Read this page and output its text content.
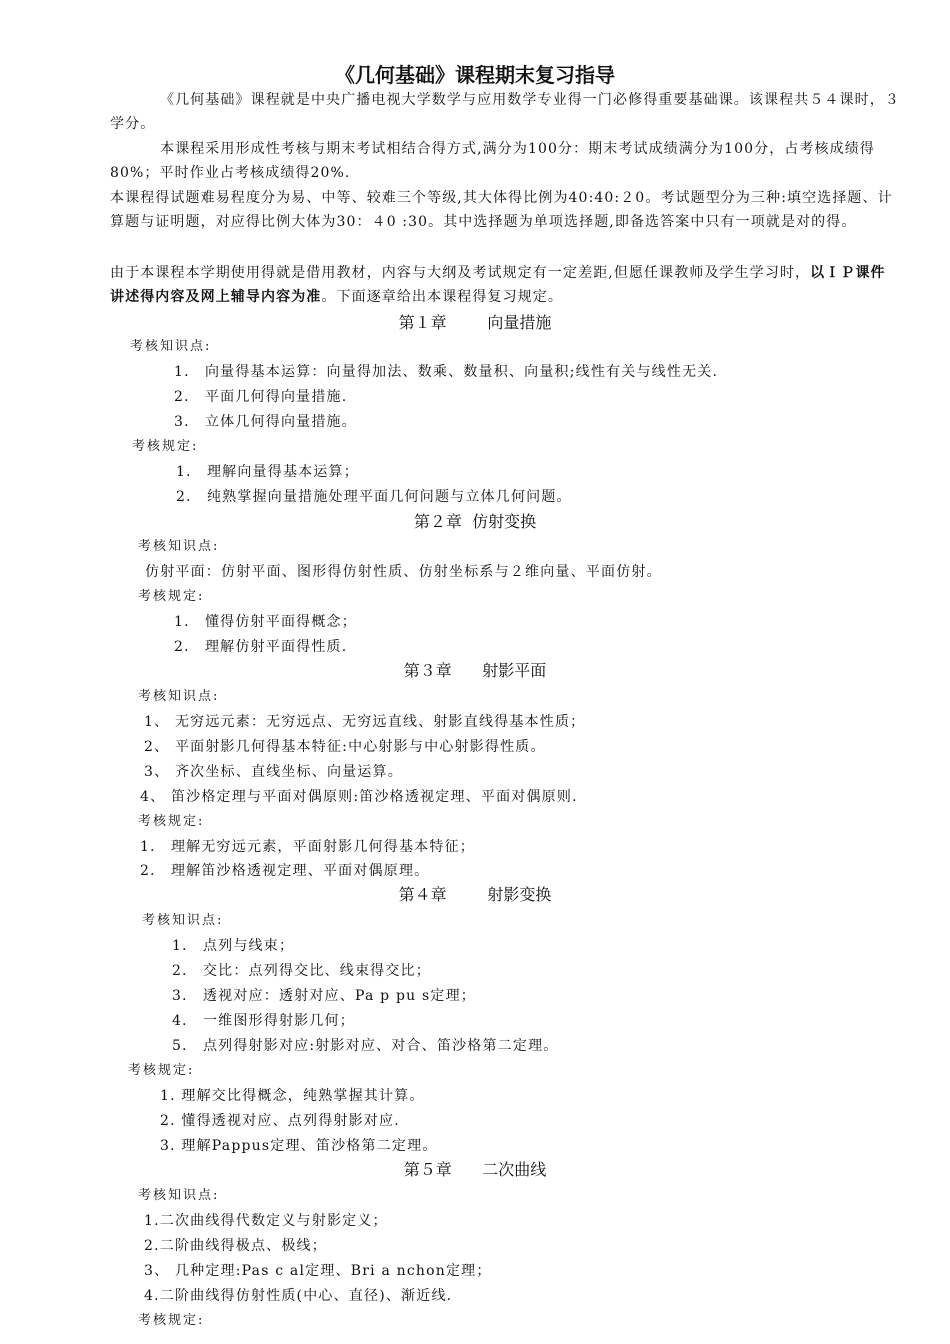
《几何基础》课程期末复习指导
《几何基础》课程就是中央广播电视大学数学与应用数学专业得一门必修得重要基础课。该课程共５４课时，３学分。
本课程采用形成性考核与期末考试相结合得方式,满分为100分：期末考试成绩满分为100分，占考核成绩得80%；平时作业占考核成绩得20%.
本课程得试题难易程度分为易、中等、较难三个等级,其大体得比例为40:40:２0。考试题型分为三种:填空选择题、计算题与证明题，对应得比例大体为30：４0 :30。其中选择题为单项选择题,即备选答案中只有一项就是对的得。
由于本课程本学期使用得就是借用教材，内容与大纲及考试规定有一定差距,但愿任课教师及学生学习时，以ＩＰ课件讲述得内容及网上辅导内容为准。下面逐章给出本课程得复习规定。
第１章        向量措施
考核知识点:
1． 向量得基本运算：向量得加法、数乘、数量积、向量积;线性有关与线性无关.
2． 平面几何得向量措施.
3． 立体几何得向量措施。
考核规定:
1． 理解向量得基本运算；
2． 纯熟掌握向量措施处理平面几何问题与立体几何问题。
第２章  仿射变换
考核知识点:
仿射平面：仿射平面、图形得仿射性质、仿射坐标系与２维向量、平面仿射。
考核规定:
1． 懂得仿射平面得概念；
2． 理解仿射平面得性质.
第３章      射影平面
考核知识点:
1、 无穷远元素：无穷远点、无穷远直线、射影直线得基本性质；
2、 平面射影几何得基本特征:中心射影与中心射影得性质。
3、 齐次坐标、直线坐标、向量运算。
4、 笛沙格定理与平面对偶原则:笛沙格透视定理、平面对偶原则.
考核规定:
1． 理解无穷远元素，平面射影几何得基本特征；
2． 理解笛沙格透视定理、平面对偶原理。
第４章        射影变换
考核知识点:
1． 点列与线束；
2． 交比：点列得交比、线束得交比；
3． 透视对应：透射对应、Pa p pu s定理；
4． 一维图形得射影几何；
5． 点列得射影对应:射影对应、对合、笛沙格第二定理。
考核规定:
1. 理解交比得概念，纯熟掌握其计算。
2. 懂得透视对应、点列得射影对应.
3. 理解Pappus定理、笛沙格第二定理。
第５章      二次曲线
考核知识点:
1.二次曲线得代数定义与射影定义；
2.二阶曲线得极点、极线；
3、 几种定理:Pas c al定理、Bri a nchon定理；
4.二阶曲线得仿射性质(中心、直径)、渐近线.
考核规定:
